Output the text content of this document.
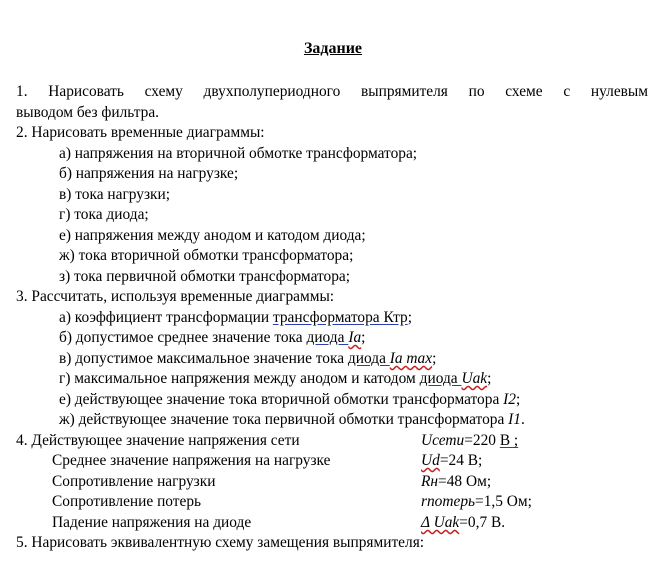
Задание
1. Нарисовать схему двухполупериодного выпрямителя по схеме с нулевым
выводом без фильтра.
2. Нарисовать временные диаграммы:
а) напряжения на вторичной обмотке трансформатора;
б) напряжения на нагрузке;
в) тока нагрузки;
г) тока диода;
е) напряжения между анодом и катодом диода;
ж) тока вторичной обмотки трансформатора;
з) тока первичной обмотки трансформатора;
3. Рассчитать, используя временные диаграммы:
а) коэффициент трансформации трансформатора Ктр;
б) допустимое среднее значение тока диода Iа;
в) допустимое максимальное значение тока диода Iа max;
г) максимальное напряжения между анодом и катодом диода Uаk;
е) действующее значение тока вторичной обмотки трансформатора I2;
ж) действующее значение тока первичной обмотки трансформатора I1.
4. Действующее значение напряжения сети	Uсети=220 В ;
Среднее значение напряжения на нагрузке	Ud=24 В;
Сопротивление нагрузки	Rн=48 Ом;
Сопротивление потерь	rпотерь=1,5 Ом;
Падение напряжения на диоде	Δ Uаk=0,7 В.
5. Нарисовать эквивалентную схему замещения выпрямителя:
